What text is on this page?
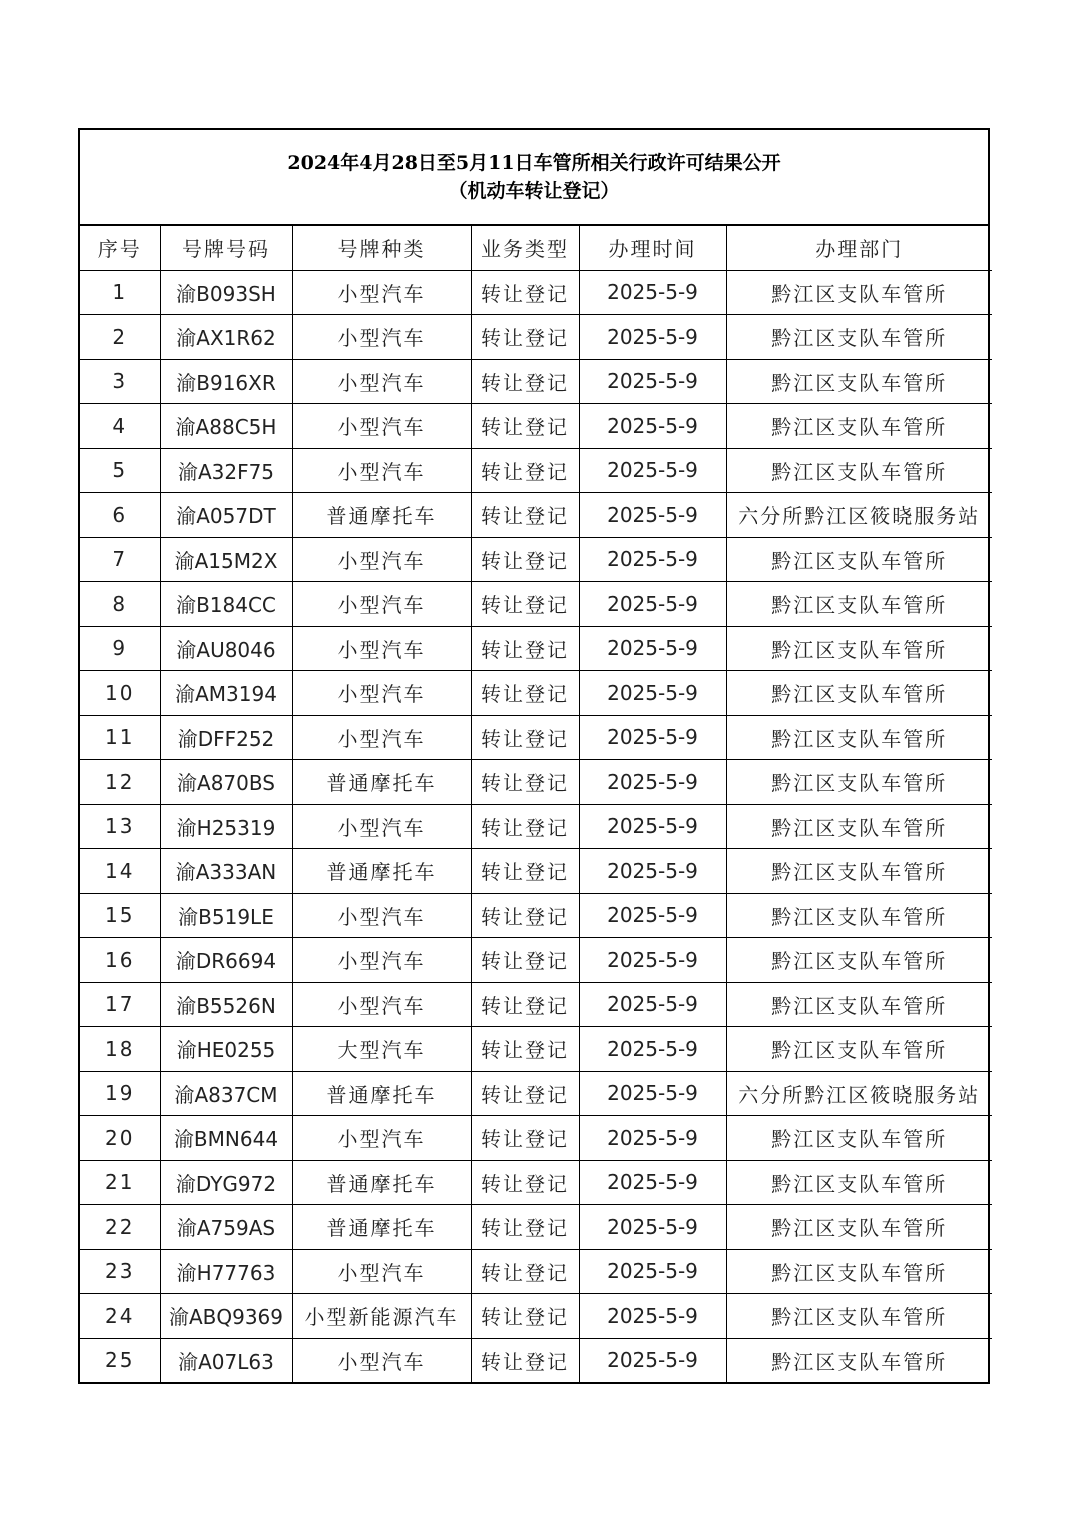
2024年4月28日至5月11日车管所相关行政许可结果公开
（机动车转让登记）
序号	号牌号码	号牌种类	业务类型	办理时间	办理部门
1	渝B093SH	小型汽车	转让登记	2025-5-9	黔江区支队车管所
2	渝AX1R62	小型汽车	转让登记	2025-5-9	黔江区支队车管所
3	渝B916XR	小型汽车	转让登记	2025-5-9	黔江区支队车管所
4	渝A88C5H	小型汽车	转让登记	2025-5-9	黔江区支队车管所
5	渝A32F75	小型汽车	转让登记	2025-5-9	黔江区支队车管所
6	渝A057DT	普通摩托车	转让登记	2025-5-9	六分所黔江区筱晓服务站
7	渝A15M2X	小型汽车	转让登记	2025-5-9	黔江区支队车管所
8	渝B184CC	小型汽车	转让登记	2025-5-9	黔江区支队车管所
9	渝AU8046	小型汽车	转让登记	2025-5-9	黔江区支队车管所
10	渝AM3194	小型汽车	转让登记	2025-5-9	黔江区支队车管所
11	渝DFF252	小型汽车	转让登记	2025-5-9	黔江区支队车管所
12	渝A870BS	普通摩托车	转让登记	2025-5-9	黔江区支队车管所
13	渝H25319	小型汽车	转让登记	2025-5-9	黔江区支队车管所
14	渝A333AN	普通摩托车	转让登记	2025-5-9	黔江区支队车管所
15	渝B519LE	小型汽车	转让登记	2025-5-9	黔江区支队车管所
16	渝DR6694	小型汽车	转让登记	2025-5-9	黔江区支队车管所
17	渝B5526N	小型汽车	转让登记	2025-5-9	黔江区支队车管所
18	渝HE0255	大型汽车	转让登记	2025-5-9	黔江区支队车管所
19	渝A837CM	普通摩托车	转让登记	2025-5-9	六分所黔江区筱晓服务站
20	渝BMN644	小型汽车	转让登记	2025-5-9	黔江区支队车管所
21	渝DYG972	普通摩托车	转让登记	2025-5-9	黔江区支队车管所
22	渝A759AS	普通摩托车	转让登记	2025-5-9	黔江区支队车管所
23	渝H77763	小型汽车	转让登记	2025-5-9	黔江区支队车管所
24	渝ABQ9369	小型新能源汽车	转让登记	2025-5-9	黔江区支队车管所
25	渝A07L63	小型汽车	转让登记	2025-5-9	黔江区支队车管所
